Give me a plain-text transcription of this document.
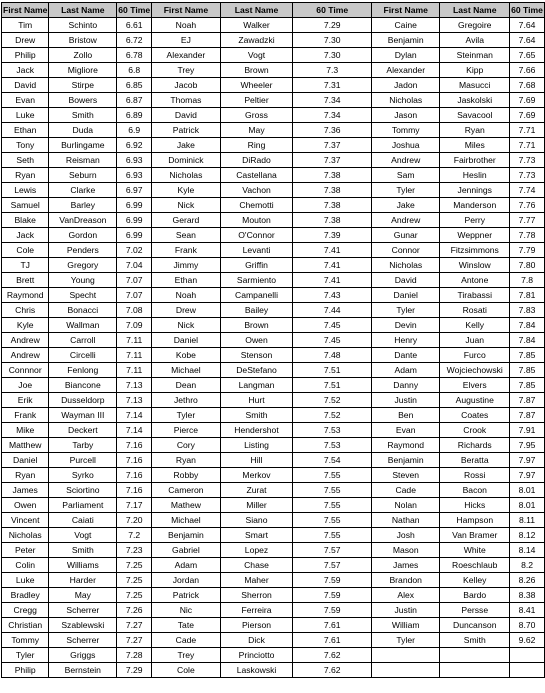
First Name	Last Name	60 Time	First Name	Last Name	60 Time	First Name	Last Name	60 Time
Tim	Schinto	6.61	Noah	Walker	7.29	Caine	Gregoire	7.64
Drew	Bristow	6.72	EJ	Zawadzki	7.30	Benjamin	Avila	7.64
Philip	Zollo	6.78	Alexander	Vogt	7.30	Dylan	Steinman	7.65
Jack	Migliore	6.8	Trey	Brown	7.3	Alexander	Kipp	7.66
David	Stirpe	6.85	Jacob	Wheeler	7.31	Jadon	Masucci	7.68
Evan	Bowers	6.87	Thomas	Peltier	7.34	Nicholas	Jaskolski	7.69
Luke	Smith	6.89	David	Gross	7.34	Jason	Savacool	7.69
Ethan	Duda	6.9	Patrick	May	7.36	Tommy	Ryan	7.71
Tony	Burlingame	6.92	Jake	Ring	7.37	Joshua	Miles	7.71
Seth	Reisman	6.93	Dominick	DiRado	7.37	Andrew	Fairbrother	7.73
Ryan	Seburn	6.93	Nicholas	Castellana	7.38	Sam	Heslin	7.73
Lewis	Clarke	6.97	Kyle	Vachon	7.38	Tyler	Jennings	7.74
Samuel	Barley	6.99	Nick	Chemotti	7.38	Jake	Manderson	7.76
Blake	VanDreason	6.99	Gerard	Mouton	7.38	Andrew	Perry	7.77
Jack	Gordon	6.99	Sean	O'Connor	7.39	Gunar	Weppner	7.78
Cole	Penders	7.02	Frank	Levanti	7.41	Connor	Fitzsimmons	7.79
TJ	Gregory	7.04	Jimmy	Griffin	7.41	Nicholas	Winslow	7.80
Brett	Young	7.07	Ethan	Sarmiento	7.41	David	Antone	7.8
Raymond	Specht	7.07	Noah	Campanelli	7.43	Daniel	Tirabassi	7.81
Chris	Bonacci	7.08	Drew	Bailey	7.44	Tyler	Rosati	7.83
Kyle	Wallman	7.09	Nick	Brown	7.45	Devin	Kelly	7.84
Andrew	Carroll	7.11	Daniel	Owen	7.45	Henry	Juan	7.84
Andrew	Circelli	7.11	Kobe	Stenson	7.48	Dante	Furco	7.85
Connnor	Fenlong	7.11	Michael	DeStefano	7.51	Adam	Wojciechowski	7.85
Joe	Biancone	7.13	Dean	Langman	7.51	Danny	Elvers	7.85
Erik	Dusseldorp	7.13	Jethro	Hurt	7.52	Justin	Augustine	7.87
Frank	Wayman III	7.14	Tyler	Smith	7.52	Ben	Coates	7.87
Mike	Deckert	7.14	Pierce	Hendershot	7.53	Evan	Crook	7.91
Matthew	Tarby	7.16	Cory	Listing	7.53	Raymond	Richards	7.95
Daniel	Purcell	7.16	Ryan	Hill	7.54	Benjamin	Beratta	7.97
Ryan	Syrko	7.16	Robby	Merkov	7.55	Steven	Rossi	7.97
James	Sciortino	7.16	Cameron	Zurat	7.55	Cade	Bacon	8.01
Owen	Parliament	7.17	Mathew	Miller	7.55	Nolan	Hicks	8.01
Vincent	Caiati	7.20	Michael	Siano	7.55	Nathan	Hampson	8.11
Nicholas	Vogt	7.2	Benjamin	Smart	7.55	Josh	Van Bramer	8.12
Peter	Smith	7.23	Gabriel	Lopez	7.57	Mason	White	8.14
Colin	Williams	7.25	Adam	Chase	7.57	James	Roeschlaub	8.2
Luke	Harder	7.25	Jordan	Maher	7.59	Brandon	Kelley	8.26
Bradley	May	7.25	Patrick	Sherron	7.59	Alex	Bardo	8.38
Cregg	Scherrer	7.26	Nic	Ferreira	7.59	Justin	Persse	8.41
Christian	Szablewski	7.27	Tate	Pierson	7.61	William	Duncanson	8.70
Tommy	Scherrer	7.27	Cade	Dick	7.61	Tyler	Smith	9.62
Tyler	Griggs	7.28	Trey	Princiotto	7.62			
Philip	Bernstein	7.29	Cole	Laskowski	7.62			
